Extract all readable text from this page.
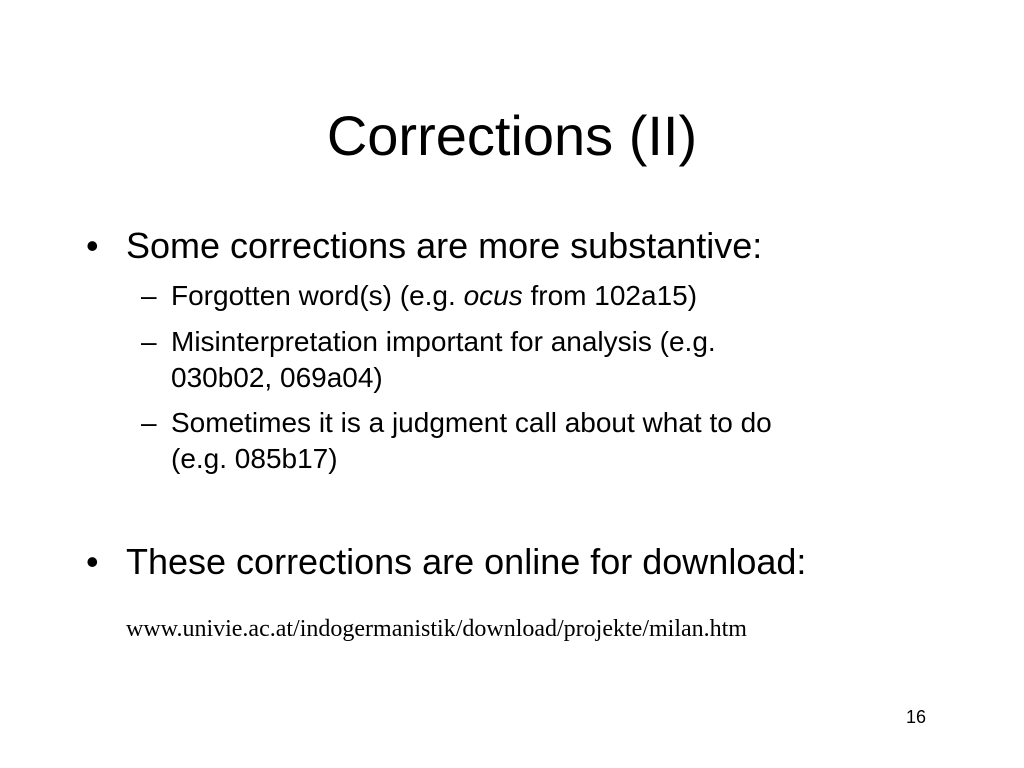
Corrections (II)
• Some corrections are more substantive:
– Forgotten word(s) (e.g. ocus from 102a15)
– Misinterpretation important for analysis (e.g.
030b02, 069a04)
– Sometimes it is a judgment call about what to do
(e.g. 085b17)
• These corrections are online for download:
www.univie.ac.at/indogermanistik/download/projekte/milan.htm
16
